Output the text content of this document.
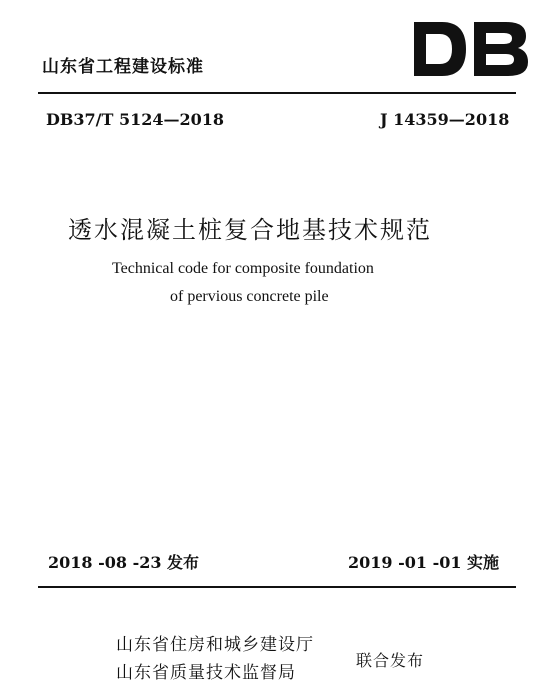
山东省工程建设标准
DB37/T 5124—2018	J 14359—2018
透水混凝土桩复合地基技术规范
Technical code for composite foundation
of pervious concrete pile
2018 -08 -23 发布	2019 -01 -01 实施
山东省住房和城乡建设厅
山东省质量技术监督局
联合发布
